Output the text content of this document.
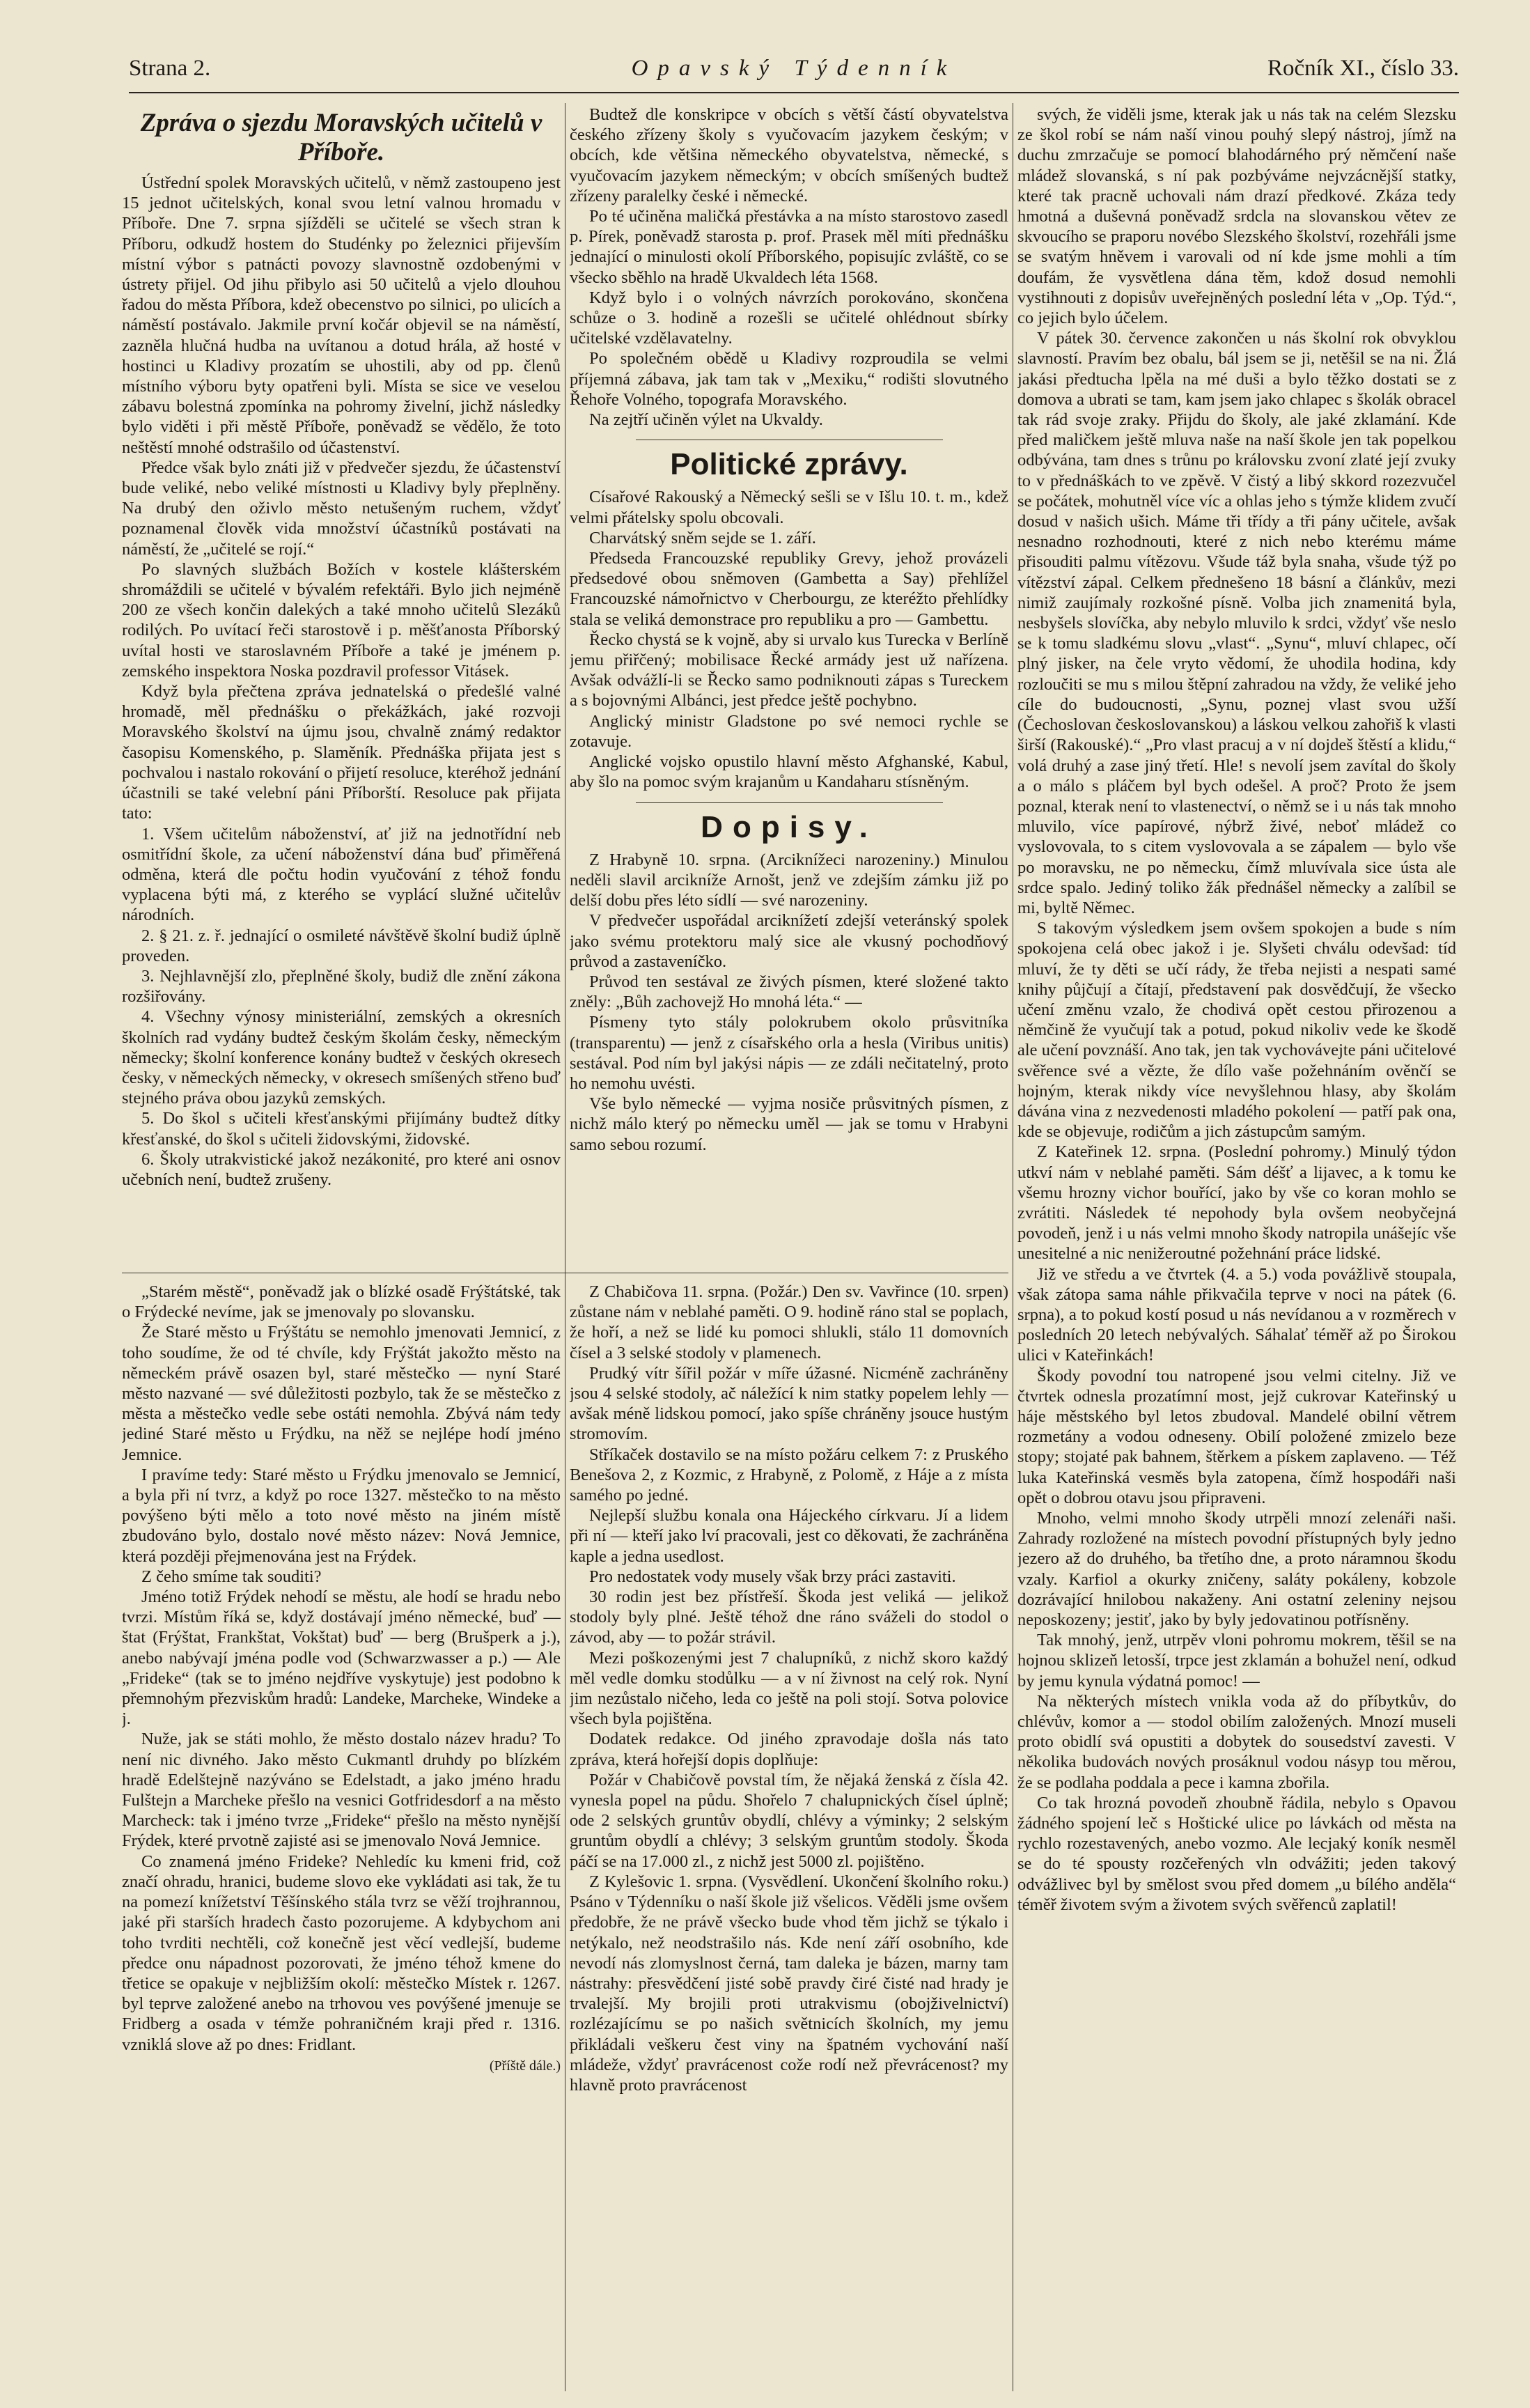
Strana 2.	Opavský Týdenník	Ročník XI., číslo 33.
Zpráva o sjezdu Moravských učitelů v Příboře.

Ústřední spolek Moravských učitelů, v němž zastoupeno jest 15 jednot učitelských, konal svou letní valnou hromadu v Příboře. Dne 7. srpna sjížděli se učitelé se všech stran k Příboru, odkudž hostem do Studénky po železnici přijevším místní výbor s patnácti povozy slavnostně ozdobenými v ústrety přijel. Od jihu přibylo asi 50 učitelů a vjelo dlouhou řadou do města Příbora, kdež obecenstvo po silnici, po ulicích a náměstí postávalo. Jakmile první kočár objevil se na náměstí, zazněla hlučná hudba na uvítanou a dotud hrála, až hosté v hostinci u Kladivy prozatím se uhostili, aby od pp. členů místního výboru byty opatřeni byli. Místa se sice ve veselou zábavu bolestná zpomínka na pohromy živelní, jichž následky bylo viděti i při městě Příboře, poněvadž se vědělo, že toto neštěstí mnohé odstrašilo od účastenství.

Předce však bylo znáti již v předvečer sjezdu, že účastenství bude veliké, nebo veliké místnosti u Kladivy byly přeplněny. Na drubý den oživlo město netušeným ruchem, vždyť poznamenal člověk vida množství účastníků postávati na náměstí, že „učitelé se rojí.“

Po slavných službách Božích v kostele klášterském shromáždili se učitelé v bývalém refektáři. Bylo jich nejméně 200 ze všech končin dalekých a také mnoho učitelů Slezáků rodilých. Po uvítací řeči starostově i p. měšťanosta Příborský uvítal hosti ve staroslavném Příboře a také je jménem p. zemského inspektora Noska pozdravil professor Vitásek.

Když byla přečtena zpráva jednatelská o předešlé valné hromadě, měl přednášku o překážkách, jaké rozvoji Moravského školství na újmu jsou, chvalně známý redaktor časopisu Komenského, p. Slaměník. Přednáška přijata jest s pochvalou i nastalo rokování o přijetí resoluce, kteréhož jednání účastnili se také velební páni Příborští. Resoluce pak přijata tato:

1. Všem učitelům náboženství, ať již na jednotřídní neb osmitřídní škole, za učení náboženství dána buď přiměřená odměna, která dle počtu hodin vyučování z téhož fondu vyplacena býti má, z kterého se vyplácí služné učitelův národních.

2. § 21. z. ř. jednající o osmileté návštěvě školní budiž úplně proveden.

3. Nejhlavnější zlo, přeplněné školy, budiž dle znění zákona rozšiřovány.

4. Všechny výnosy ministeriální, zemských a okresních školních rad vydány budtež českým školám česky, německým německy; školní konference konány budtež v českých okresech česky, v německých německy, v okresech smíšených střeno buď stejného práva obou jazyků zemských.

5. Do škol s učiteli křesťanskými přijímány budtež dítky křesťanské, do škol s učiteli židovskými, židovské.

6. Školy utrakvistické jakož nezákonité, pro které ani osnov učebních není, budtež zrušeny.

„Starém městě“, poněvadž jak o blízké osadě Frýštátské, tak o Frýdecké nevíme, jak se jmenovaly po slovansku.

Že Staré město u Frýštátu se nemohlo jmenovati Jemnicí, z toho soudíme, že od té chvíle, kdy Frýštát jakožto město na německém právě osazen byl, staré městečko — nyní Staré město nazvané — své důležitosti pozbylo, tak že se městečko z města a městečko vedle sebe ostáti nemohla. Zbývá nám tedy jediné Staré město u Frýdku, na něž se nejlépe hodí jméno Jemnice.

I pravíme tedy: Staré město u Frýdku jmenovalo se Jemnicí, a byla při ní tvrz, a když po roce 1327. městečko to na město povýšeno býti mělo a toto nové město na jiném místě zbudováno bylo, dostalo nové město název: Nová Jemnice, která později přejmenována jest na Frýdek.

Z čeho smíme tak souditi?

Jméno totiž Frýdek nehodí se městu, ale hodí se hradu nebo tvrzi. Místům říká se, když dostávají jméno německé, buď — štat (Frýštat, Frankštat, Vokštat) buď — berg (Brušperk a j.), anebo nabývají jména podle vod (Schwarzwasser a p.) — Ale „Frideke“ (tak se to jméno nejdříve vyskytuje) jest podobno k přemnohým přezviskům hradů: Landeke, Marcheke, Windeke a j.

Nuže, jak se státi mohlo, že město dostalo název hradu? To není nic divného. Jako město Cukmantl druhdy po blízkém hradě Edelštejně nazýváno se Edelstadt, a jako jméno hradu Fulštejn a Marcheke přešlo na vesnici Gotfridesdorf a na město Marcheck: tak i jméno tvrze „Frideke“ přešlo na město nynější Frýdek, které prvotně zajisté asi se jmenovalo Nová Jemnice.

Co znamená jméno Frideke? Nehledíc ku kmeni frid, což značí ohradu, hranici, budeme slovo eke vykládati asi tak, že tu na pomezí knížetství Těšínského stála tvrz se věží trojhrannou, jaké při starších hradech často pozorujeme. A kdybychom ani toho tvrditi nechtěli, což konečně jest věcí vedlejší, budeme předce onu nápadnost pozorovati, že jméno téhož kmene do třetice se opakuje v nejbližším okolí: městečko Místek r. 1267. byl teprve založené anebo na trhovou ves povýšené jmenuje se Fridberg a osada v témže pohraničném kraji před r. 1316. vzniklá slove až po dnes: Fridlant.

(Příště dále.)

Budtež dle konskripce v obcích s větší částí obyvatelstva českého zřízeny školy s vyučovacím jazykem českým; v obcích, kde většina německého obyvatelstva, německé, s vyučovacím jazykem německým; v obcích smíšených budtež zřízeny paralelky české i německé.

Po té učiněna maličká přestávka a na místo starostovo zasedl p. Pírek, poněvadž starosta p. prof. Prasek měl míti přednášku jednající o minulosti okolí Příborského, popisujíc zvláště, co se všecko sběhlo na hradě Ukvaldech léta 1568.

Když bylo i o volných návrzích porokováno, skončena schůze o 3. hodině a rozešli se učitelé ohlédnout sbírky učitelské vzdělavatelny.

Po společném obědě u Kladivy rozproudila se velmi příjemná zábava, jak tam tak v „Mexiku,“ rodišti slovutného Řehoře Volného, topografa Moravského.

Na zejtří učiněn výlet na Ukvaldy.

Politické zprávy.

Císařové Rakouský a Německý sešli se v Išlu 10. t. m., kdež velmi přátelsky spolu obcovali.

Charvátský sněm sejde se 1. září.

Předseda Francouzské republiky Grevy, jehož provázeli předsedové obou sněmoven (Gambetta a Say) přehlížel Francouzské námořnictvo v Cherbourgu, ze kteréžto přehlídky stala se veliká demonstrace pro republiku a pro — Gambettu.

Řecko chystá se k vojně, aby si urvalo kus Turecka v Berlíně jemu přiřčený; mobilisace Řecké armády jest už nařízena. Avšak odvážlí-li se Řecko samo podniknouti zápas s Tureckem a s bojovnými Albánci, jest předce ještě pochybno.

Anglický ministr Gladstone po své nemoci rychle se zotavuje.

Anglické vojsko opustilo hlavní město Afghanské, Kabul, aby šlo na pomoc svým krajanům u Kandaharu stísněným.

Dopisy.

Z Hrabyně 10. srpna. (Arciknížeci narozeniny.) Minulou neděli slavil arcikníže Arnošt, jenž ve zdejším zámku již po delší dobu přes léto sídlí — své narozeniny.

V předvečer uspořádal arciknížetí zdejší veteránský spolek jako svému protektoru malý sice ale vkusný pochodňový průvod a zastaveníčko.

Průvod ten sestával ze živých písmen, které složené takto zněly: „Bůh zachovejž Ho mnohá léta.“ —

Písmeny tyto stály polokrubem okolo průsvitníka (transparentu) — jenž z císařského orla a hesla (Viribus unitis) sestával. Pod ním byl jakýsi nápis — ze zdáli nečitatelný, proto ho nemohu uvésti.

Vše bylo německé — vyjma nosiče průsvitných písmen, z nichž málo který po německu uměl — jak se tomu v Hrabyni samo sebou rozumí.

Z Chabičova 11. srpna. (Požár.) Den sv. Vavřince (10. srpen) zůstane nám v neblahé paměti. O 9. hodině ráno stal se poplach, že hoří, a než se lidé ku pomoci shlukli, stálo 11 domovních čísel a 3 selské stodoly v plamenech.

Prudký vítr šířil požár v míře úžasné. Nicméně zachráněny jsou 4 selské stodoly, ač náležící k nim statky popelem lehly — avšak méně lidskou pomocí, jako spíše chráněny jsouce hustým stromovím.

Stříkaček dostavilo se na místo požáru celkem 7: z Pruského Benešova 2, z Kozmic, z Hrabyně, z Polomě, z Háje a z místa samého po jedné.

Nejlepší službu konala ona Hájeckého církvaru. Jí a lidem při ní — kteří jako lví pracovali, jest co děkovati, že zachráněna kaple a jedna usedlost.

Pro nedostatek vody musely však brzy práci zastaviti.

30 rodin jest bez přístřeší. Škoda jest veliká — jelikož stodoly byly plné. Ještě téhož dne ráno sváželi do stodol o závod, aby — to požár strávil.

Mezi poškozenými jest 7 chalupníků, z nichž skoro každý měl vedle domku stodůlku — a v ní živnost na celý rok. Nyní jim nezůstalo ničeho, leda co ještě na poli stojí. Sotva polovice všech byla pojištěna.

Dodatek redakce. Od jiného zpravodaje došla nás tato zpráva, která hořejší dopis doplňuje:

Požár v Chabičově povstal tím, že nějaká ženská z čísla 42. vynesla popel na půdu. Shořelo 7 chalupnických čísel úplně; ode 2 selských gruntův obydlí, chlévy a výminky; 2 selským gruntům obydlí a chlévy; 3 selským gruntům stodoly. Škoda páčí se na 17.000 zl., z nichž jest 5000 zl. pojištěno.

Z Kylešovic 1. srpna. (Vysvědlení. Ukončení školního roku.) Psáno v Týdenníku o naší škole již všelicos. Věděli jsme ovšem předobře, že ne právě všecko bude vhod těm jichž se týkalo i netýkalo, než neodstrašilo nás. Kde není září osobního, kde nevodí nás zlomyslnost černá, tam daleka je bázen, marny tam nástrahy: přesvědčení jisté sobě pravdy čiré čisté nad hrady je trvalejší. My brojili proti utrakvismu (obojživelnictví) rozlézajícímu se po našich světnicích školních, my jemu přikládali veškeru čest viny na špatném vychování naší mládeže, vždyť pravrácenost cože rodí než převrácenost? my hlavně proto pravrácenost

svých, že viděli jsme, kterak jak u nás tak na celém Slezsku ze škol robí se nám naší vinou pouhý slepý nástroj, jímž na duchu zmrzačuje se pomocí blahodárného prý němčení naše mládež slovanská, s ní pak pozbýváme nejvzácnější statky, které tak pracně uchovali nám drazí předkové. Zkáza tedy hmotná a duševná poněvadž srdcla na slovanskou větev ze skvoucího se praporu novébo Slezského školství, rozehřáli jsme se svatým hněvem i varovali od ní kde jsme mohli a tím doufám, že vysvětlena dána těm, kdož dosud nemohli vystihnouti z dopisův uveřejněných poslední léta v „Op. Týd.“, co jejich bylo účelem.

V pátek 30. července zakončen u nás školní rok obvyklou slavností. Pravím bez obalu, bál jsem se ji, netěšil se na ni. Žlá jakási předtucha lpěla na mé duši a bylo těžko dostati se z domova a ubrati se tam, kam jsem jako chlapec s školák obracel tak rád svoje zraky. Přijdu do školy, ale jaké zklamání. Kde před maličkem ještě mluva naše na naší škole jen tak popelkou odbývána, tam dnes s trůnu po královsku zvoní zlaté její zvuky to v přednáškách to ve zpěvě. V čistý a libý skkord rozezvučel se počátek, mohutněl více víc a ohlas jeho s týmže klidem zvučí dosud v našich ušich. Máme tři třídy a tři pány učitele, avšak nesnadno rozhodnouti, které z nich nebo kterému máme přisouditi palmu vítězovu. Všude táž byla snaha, všude týž po vítězství zápal. Celkem přednešeno 18 básní a článkův, mezi nimiž zaujímaly rozkošné písně. Volba jich znamenitá byla, nesbyšels slovíčka, aby nebylo mluvilo k srdci, vždyť vše neslo se k tomu sladkému slovu „vlast“. „Synu“, mluví chlapec, očí plný jisker, na čele vryto vědomí, že uhodila hodina, kdy rozloučiti se mu s milou štěpní zahradou na vždy, že veliké jeho cíle do budoucnosti, „Synu, poznej vlast svou užší (Čechoslovan českoslovanskou) a láskou velkou zahořiš k vlasti širší (Rakouské).“ „Pro vlast pracuj a v ní dojdeš štěstí a klidu,“ volá druhý a zase jiný třetí. Hle! s nevolí jsem zavítal do školy a o málo s pláčem byl bych odešel. A proč? Proto že jsem poznal, kterak není to vlastenectví, o němž se i u nás tak mnoho mluvilo, více papírové, nýbrž živé, neboť mládež co vyslovovala, to s citem vyslovovala a se zápalem — bylo vše po moravsku, ne po německu, čímž mluvívala sice ústa ale srdce spalo. Jediný toliko žák přednášel německy a zalíbil se mi, byltě Němec.

S takovým výsledkem jsem ovšem spokojen a bude s ním spokojena celá obec jakož i je. Slyšeti chválu odevšad: tíd mluví, že ty děti se učí rády, že třeba nejisti a nespati samé knihy půjčují a čítají, představení pak dosvědčují, že všecko učení změnu vzalo, že chodivá opět cestou přirozenou a němčině že vyučují tak a potud, pokud nikoliv vede ke škodě ale učení povznáší. Ano tak, jen tak vychovávejte páni učitelové svěřence své a vězte, že dílo vaše požehnáním ověnčí se hojným, kterak nikdy více nevyšlehnou hlasy, aby školám dávána vina z nezvedenosti mladého pokolení — patří pak ona, kde se objevuje, rodičům a jich zástupcům samým.

Z Kateřinek 12. srpna. (Poslední pohromy.) Minulý týdon utkví nám v neblahé paměti. Sám déšť a lijavec, a k tomu ke všemu hrozny vichor bouřící, jako by vše co koran mohlo se zvrátiti. Následek té nepohody byla ovšem neobyčejná povodeň, jenž i u nás velmi mnoho škody natropila unášejíc vše unesitelné a nic nenižeroutné požehnání práce lidské.

Již ve středu a ve čtvrtek (4. a 5.) voda povážlivě stoupala, však zátopa sama náhle přikvačila teprve v noci na pátek (6. srpna), a to pokud kostí posud u nás nevídanou a v rozměrech v posledních 20 letech nebývalých. Sáhalať téměř až po Širokou ulici v Kateřinkách!

Škody povodní tou natropené jsou velmi citelny. Již ve čtvrtek odnesla prozatímní most, jejž cukrovar Kateřinský u háje městského byl letos zbudoval. Mandelé obilní větrem rozmetány a vodou odneseny. Obilí položené zmizelo beze stopy; stojaté pak bahnem, štěrkem a pískem zaplaveno. — Též luka Kateřinská vesměs byla zatopena, čímž hospodáři naši opět o dobrou otavu jsou připraveni.

Mnoho, velmi mnoho škody utrpěli mnozí zelenáři naši. Zahrady rozložené na místech povodní přístupných byly jedno jezero až do druhého, ba třetího dne, a proto náramnou škodu vzaly. Karfiol a okurky zničeny, saláty pokáleny, kobzole dozrávající hnilobou nakaženy. Ani ostatní zeleniny nejsou neposkozeny; jestiť, jako by byly jedovatinou potřísněny.

Tak mnohý, jenž, utrpěv vloni pohromu mokrem, těšil se na hojnou sklizeň letosší, trpce jest zklamán a bohužel není, odkud by jemu kynula výdatná pomoc! —

Na některých místech vnikla voda až do příbytkův, do chlévův, komor a — stodol obilím založených. Mnozí museli proto obidlí svá opustiti a dobytek do sousedství zavesti. V několika budovách nových prosáknul vodou násyp tou měrou, že se podlaha poddala a pece i kamna zbořila.

Co tak hrozná povodeň zhoubně řádila, nebylo s Opavou žádného spojení leč s Hoštické ulice po lávkách od města na rychlo rozestavených, anebo vozmo. Ale lecjaký koník nesměl se do té spousty rozčeřených vln odvážiti; jeden takový odvážlivec byl by smělost svou před domem „u bílého anděla“ téměř životem svým a životem svých svěřenců zaplatil!
